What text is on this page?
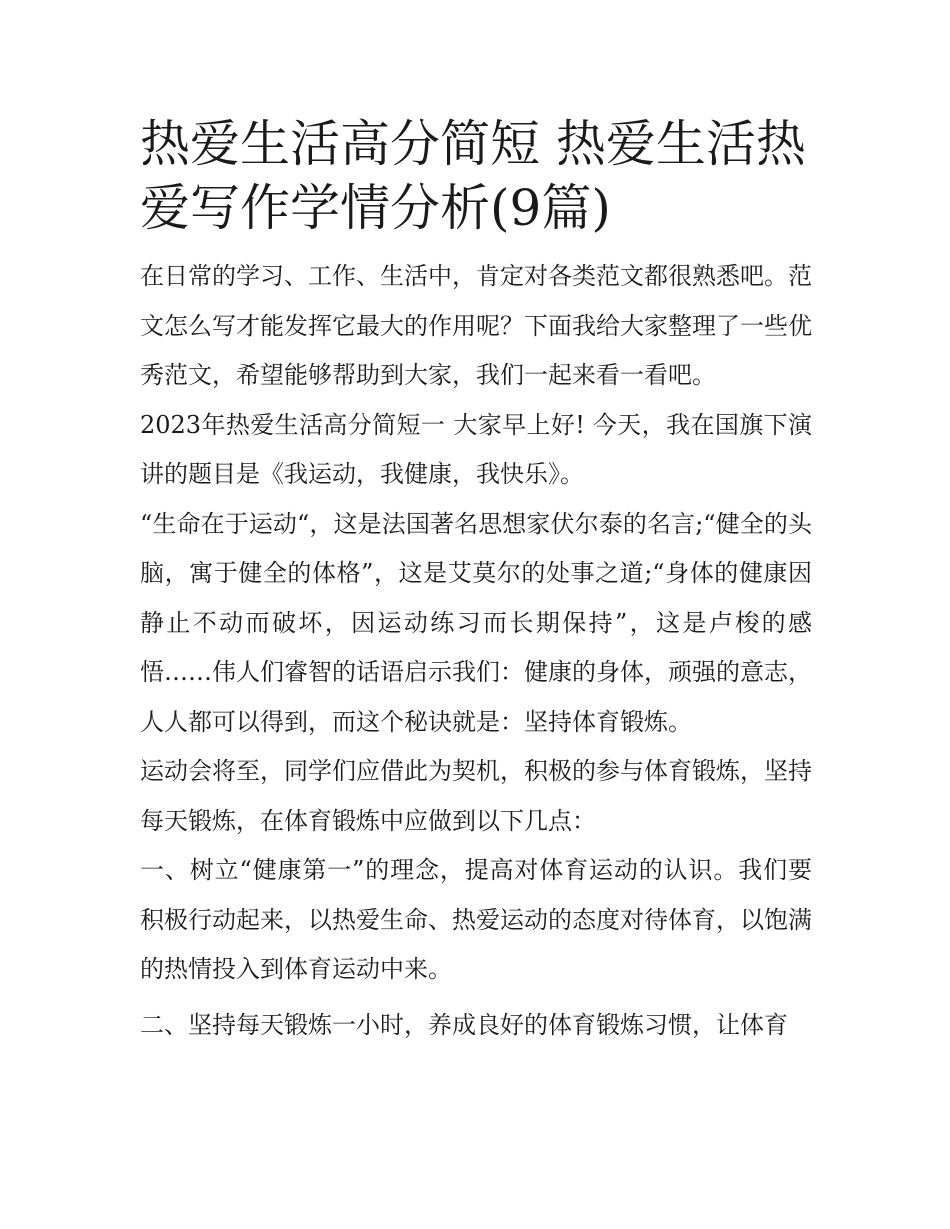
热爱生活高分简短 热爱生活热爱写作学情分析(9篇)

在日常的学习、工作、生活中，肯定对各类范文都很熟悉吧。范文怎么写才能发挥它最大的作用呢？下面我给大家整理了一些优秀范文，希望能够帮助到大家，我们一起来看一看吧。

2023年热爱生活高分简短一 大家早上好! 今天，我在国旗下演讲的题目是《我运动，我健康，我快乐》。

“生命在于运动“，这是法国著名思想家伏尔泰的名言;“健全的头脑，寓于健全的体格”，这是艾莫尔的处事之道;“身体的健康因静止不动而破坏，因运动练习而长期保持”，这是卢梭的感悟……伟人们睿智的话语启示我们：健康的身体，顽强的意志，人人都可以得到，而这个秘诀就是：坚持体育锻炼。

运动会将至，同学们应借此为契机，积极的参与体育锻炼，坚持每天锻炼，在体育锻炼中应做到以下几点：

一、树立“健康第一”的理念，提高对体育运动的认识。我们要积极行动起来，以热爱生命、热爱运动的态度对待体育，以饱满的热情投入到体育运动中来。

二、坚持每天锻炼一小时，养成良好的体育锻炼习惯，让体育
